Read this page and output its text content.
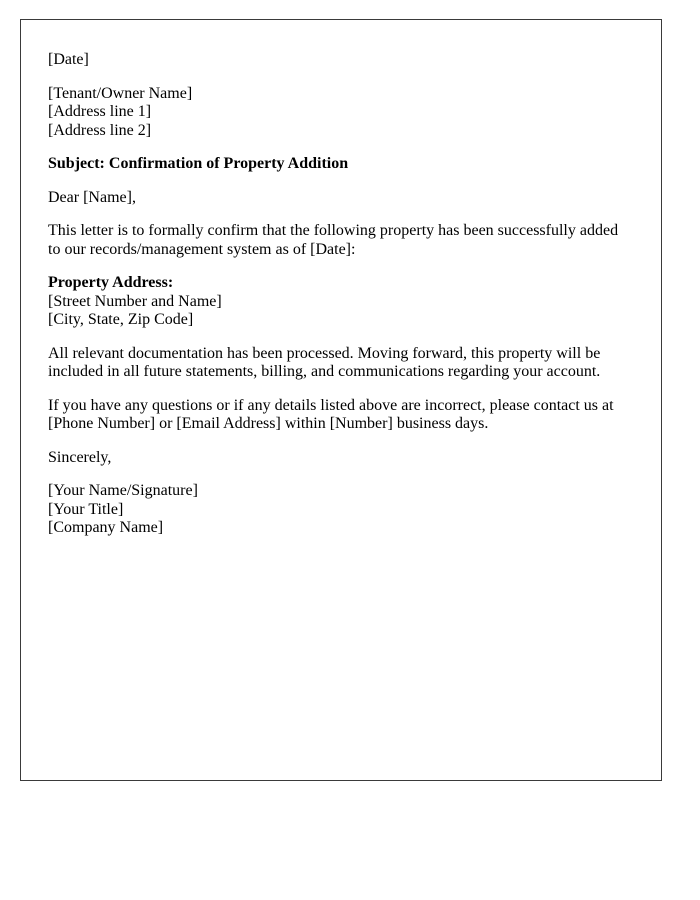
[Date]

[Tenant/Owner Name]
[Address line 1]
[Address line 2]

Subject: Confirmation of Property Addition

Dear [Name],

This letter is to formally confirm that the following property has been successfully added to our records/management system as of [Date]:

Property Address:
[Street Number and Name]
[City, State, Zip Code]

All relevant documentation has been processed. Moving forward, this property will be included in all future statements, billing, and communications regarding your account.

If you have any questions or if any details listed above are incorrect, please contact us at [Phone Number] or [Email Address] within [Number] business days.

Sincerely,

[Your Name/Signature]
[Your Title]
[Company Name]
